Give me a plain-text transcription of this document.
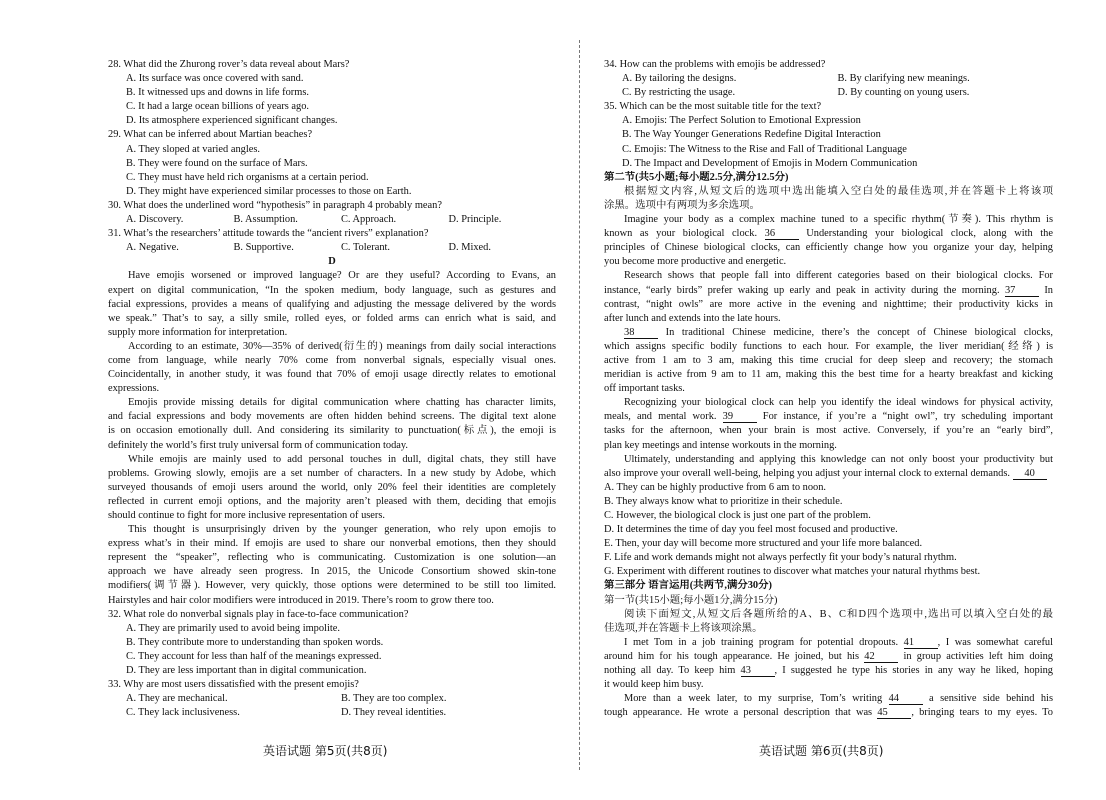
28. What did the Zhurong rover’s data reveal about Mars?
A. Its surface was once covered with sand.
B. It witnessed ups and downs in life forms.
C. It had a large ocean billions of years ago.
D. Its atmosphere experienced significant changes.
29. What can be inferred about Martian beaches?
A. They sloped at varied angles.
B. They were found on the surface of Mars.
C. They must have held rich organisms at a certain period.
D. They might have experienced similar processes to those on Earth.
30. What does the underlined word “hypothesis” in paragraph 4 probably mean?
A. Discovery.	B. Assumption.	C. Approach.	D. Principle.
31. What’s the researchers’ attitude towards the “ancient rivers” explanation?
A. Negative.	B. Supportive.	C. Tolerant.	D. Mixed.
D
Have emojis worsened or improved language? Or are they useful? According to Evans, an
expert on digital communication, “In the spoken medium, body language, such as gestures and
facial expressions, provides a means of qualifying and adjusting the message delivered by the words
we speak.” That’s to say, a silly smile, rolled eyes, or folded arms can enrich what is said, and
supply more information for interpretation.
According to an estimate, 30%—35% of derived(衍生的) meanings from daily social interactions
come from language, while nearly 70% come from nonverbal signals, especially visual ones.
Coincidentally, in another study, it was found that 70% of emoji usage directly relates to emotional
expressions.
Emojis provide missing details for digital communication where chatting has character limits,
and facial expressions and body movements are often hidden behind screens. The digital text alone
is on occasion emotionally dull. And considering its similarity to punctuation(标点), the emoji is
definitely the world’s first truly universal form of communication today.
While emojis are mainly used to add personal touches in dull, digital chats, they still have
problems. Growing slowly, emojis are a set number of characters. In a new study by Adobe, which
surveyed thousands of emoji users around the world, only 20% feel their identities are completely
reflected in current emoji options, and the majority aren’t pleased with them, deciding that emojis
should continue to fight for more inclusive representation of users.
This thought is unsurprisingly driven by the younger generation, who rely upon emojis to
express what’s in their mind. If emojis are used to share our nonverbal emotions, then they should
represent the “speaker”, reflecting who is communicating. Customization is one solution—an
approach we have already seen progress. In 2015, the Unicode Consortium showed skin-tone
modifiers(调节器). However, very quickly, those options were determined to be still too limited.
Hairstyles and hair color modifiers were introduced in 2019. There’s room to grow there too.
32. What role do nonverbal signals play in face-to-face communication?
A. They are primarily used to avoid being impolite.
B. They contribute more to understanding than spoken words.
C. They account for less than half of the meanings expressed.
D. They are less important than in digital communication.
33. Why are most users dissatisfied with the present emojis?
A. They are mechanical.	B. They are too complex.
C. They lack inclusiveness.	D. They reveal identities.
34. How can the problems with emojis be addressed?
A. By tailoring the designs.	B. By clarifying new meanings.
C. By restricting the usage.	D. By counting on young users.
35. Which can be the most suitable title for the text?
A. Emojis: The Perfect Solution to Emotional Expression
B. The Way Younger Generations Redefine Digital Interaction
C. Emojis: The Witness to the Rise and Fall of Traditional Language
D. The Impact and Development of Emojis in Modern Communication
第二节(共5小题;每小题2.5分,满分12.5分)
根据短文内容,从短文后的选项中选出能填入空白处的最佳选项,并在答题卡上将该项
涂黑。选项中有两项为多余选项。
Imagine your body as a complex machine tuned to a specific rhythm(节奏). This rhythm is
known as your biological clock. 36 Understanding your biological clock, along with the
principles of Chinese biological clocks, can efficiently change how you organize your day, helping
you become more productive and energetic.
Research shows that people fall into different categories based on their biological clocks. For
instance, “early birds” prefer waking up early and peak in activity during the morning. 37 In
contrast, “night owls” are more active in the evening and nighttime; their productivity kicks in
after lunch and extends into the late hours.
38 In traditional Chinese medicine, there’s the concept of Chinese biological clocks,
which assigns specific bodily functions to each hour. For example, the liver meridian(经络) is
active from 1 am to 3 am, making this time crucial for deep sleep and recovery; the stomach
meridian is active from 9 am to 11 am, making this the best time for a hearty breakfast and kicking
off important tasks.
Recognizing your biological clock can help you identify the ideal windows for physical activity,
meals, and mental work. 39 For instance, if you’re a “night owl”, try scheduling important
tasks for the afternoon, when your brain is most active. Conversely, if you’re an “early bird”,
plan key meetings and intense workouts in the morning.
Ultimately, understanding and applying this knowledge can not only boost your productivity but
also improve your overall well-being, helping you adjust your internal clock to external demands. 40
A. They can be highly productive from 6 am to noon.
B. They always know what to prioritize in their schedule.
C. However, the biological clock is just one part of the problem.
D. It determines the time of day you feel most focused and productive.
E. Then, your day will become more structured and your life more balanced.
F. Life and work demands might not always perfectly fit your body’s natural rhythm.
G. Experiment with different routines to discover what matches your natural rhythms best.
第三部分 语言运用(共两节,满分30分)
第一节(共15小题;每小题1分,满分15分)
阅读下面短文,从短文后各题所给的A、B、C和D四个选项中,选出可以填入空白处的最
佳选项,并在答题卡上将该项涂黑。
I met Tom in a job training program for potential dropouts. 41 , I was somewhat careful
around him for his tough appearance. He joined, but his 42 in group activities left him doing
nothing all day. To keep him 43 , I suggested he type his stories in any way he liked, hoping
it would keep him busy.
More than a week later, to my surprise, Tom’s writing 44 a sensitive side behind his
tough appearance. He wrote a personal description that was 45 , bringing tears to my eyes. To
英语试题 第5页(共8页)	英语试题 第6页(共8页)
